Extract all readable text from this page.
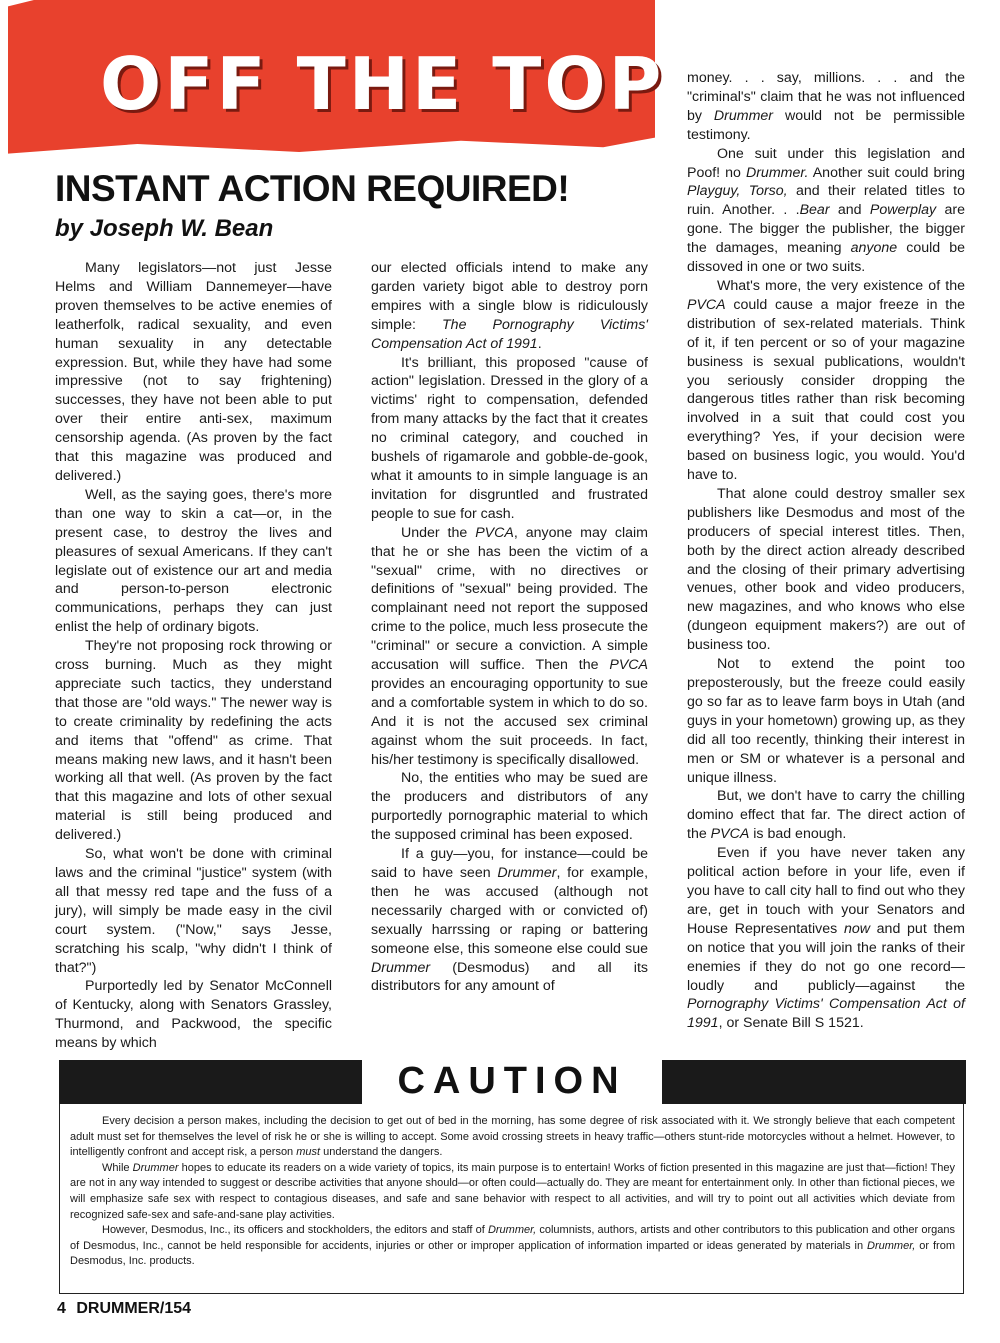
OFF THE TOP
INSTANT ACTION REQUIRED!
by Joseph W. Bean

Many legislators—not just Jesse Helms and William Dannemeyer—have proven themselves to be active enemies of leatherfolk, radical sexuality, and even human sexuality in any detectable expression. But, while they have had some impressive (not to say frightening) successes, they have not been able to put over their entire anti-sex, maximum censorship agenda. (As proven by the fact that this magazine was produced and delivered.)

Well, as the saying goes, there's more than one way to skin a cat—or, in the present case, to destroy the lives and pleasures of sexual Americans. If they can't legislate out of existence our art and media and person-to-person electronic communications, perhaps they can just enlist the help of ordinary bigots.

They're not proposing rock throwing or cross burning. Much as they might appreciate such tactics, they understand that those are "old ways." The newer way is to create criminality by redefining the acts and items that "offend" as crime. That means making new laws, and it hasn't been working all that well. (As proven by the fact that this magazine and lots of other sexual material is still being produced and delivered.)

So, what won't be done with criminal laws and the criminal "justice" system (with all that messy red tape and the fuss of a jury), will simply be made easy in the civil court system. ("Now," says Jesse, scratching his scalp, "why didn't I think of that?")

Purportedly led by Senator McConnell of Kentucky, along with Senators Grassley, Thurmond, and Packwood, the specific means by which

our elected officials intend to make any garden variety bigot able to destroy porn empires with a single blow is ridiculously simple: The Pornography Victims' Compensation Act of 1991.

It's brilliant, this proposed "cause of action" legislation. Dressed in the glory of a victims' right to compensation, defended from many attacks by the fact that it creates no criminal category, and couched in bushels of rigamarole and gobble-de-gook, what it amounts to in simple language is an invitation for disgruntled and frustrated people to sue for cash.

Under the PVCA, anyone may claim that he or she has been the victim of a "sexual" crime, with no directives or definitions of "sexual" being provided. The complainant need not report the supposed crime to the police, much less prosecute the "criminal" or secure a conviction. A simple accusation will suffice. Then the PVCA provides an encouraging opportunity to sue and a comfortable system in which to do so. And it is not the accused sex criminal against whom the suit proceeds. In fact, his/her testimony is specifically disallowed.

No, the entities who may be sued are the producers and distributors of any purportedly pornographic material to which the supposed criminal has been exposed.

If a guy—you, for instance—could be said to have seen Drummer, for example, then he was accused (although not necessarily charged with or convicted of) sexually harrssing or raping or battering someone else, this someone else could sue Drummer (Desmodus) and all its distributors for any amount of

money. . . say, millions. . . and the "criminal's" claim that he was not influenced by Drummer would not be permissible testimony.

One suit under this legislation and Poof! no Drummer. Another suit could bring Playguy, Torso, and their related titles to ruin. Another. . .Bear and Powerplay are gone. The bigger the publisher, the bigger the damages, meaning anyone could be dissoved in one or two suits.

What's more, the very existence of the PVCA could cause a major freeze in the distribution of sex-related materials. Think of it, if ten percent or so of your magazine business is sexual publications, wouldn't you seriously consider dropping the dangerous titles rather than risk becoming involved in a suit that could cost you everything? Yes, if your decision were based on business logic, you would. You'd have to.

That alone could destroy smaller sex publishers like Desmodus and most of the producers of special interest titles. Then, both by the direct action already described and the closing of their primary advertising venues, other book and video producers, new magazines, and who knows who else (dungeon equipment makers?) are out of business too.

Not to extend the point too preposterously, but the freeze could easily go so far as to leave farm boys in Utah (and guys in your hometown) growing up, as they did all too recently, thinking their interest in men or SM or whatever is a personal and unique illness.

But, we don't have to carry the chilling domino effect that far. The direct action of the PVCA is bad enough.

Even if you have never taken any political action before in your life, even if you have to call city hall to find out who they are, get in touch with your Senators and House Representatives now and put them on notice that you will join the ranks of their enemies if they do not go one record—loudly and publicly—against the Pornography Victims' Compensation Act of 1991, or Senate Bill S 1521.

CAUTION

Every decision a person makes, including the decision to get out of bed in the morning, has some degree of risk associated with it. We strongly believe that each competent adult must set for themselves the level of risk he or she is willing to accept. Some avoid crossing streets in heavy traffic—others stunt-ride motorcycles without a helmet. However, to intelligently confront and accept risk, a person must understand the dangers.

While Drummer hopes to educate its readers on a wide variety of topics, its main purpose is to entertain! Works of fiction presented in this magazine are just that—fiction! They are not in any way intended to suggest or describe activities that anyone should—or often could—actually do. They are meant for entertainment only. In other than fictional pieces, we will emphasize safe sex with respect to contagious diseases, and safe and sane behavior with respect to all activities, and will try to point out all activities which deviate from recognized safe-sex and safe-and-sane play activities.

However, Desmodus, Inc., its officers and stockholders, the editors and staff of Drummer, columnists, authors, artists and other contributors to this publication and other organs of Desmodus, Inc., cannot be held responsible for accidents, injuries or other or improper application of information imparted or ideas generated by materials in Drummer, or from Desmodus, Inc. products.

4 DRUMMER/154
